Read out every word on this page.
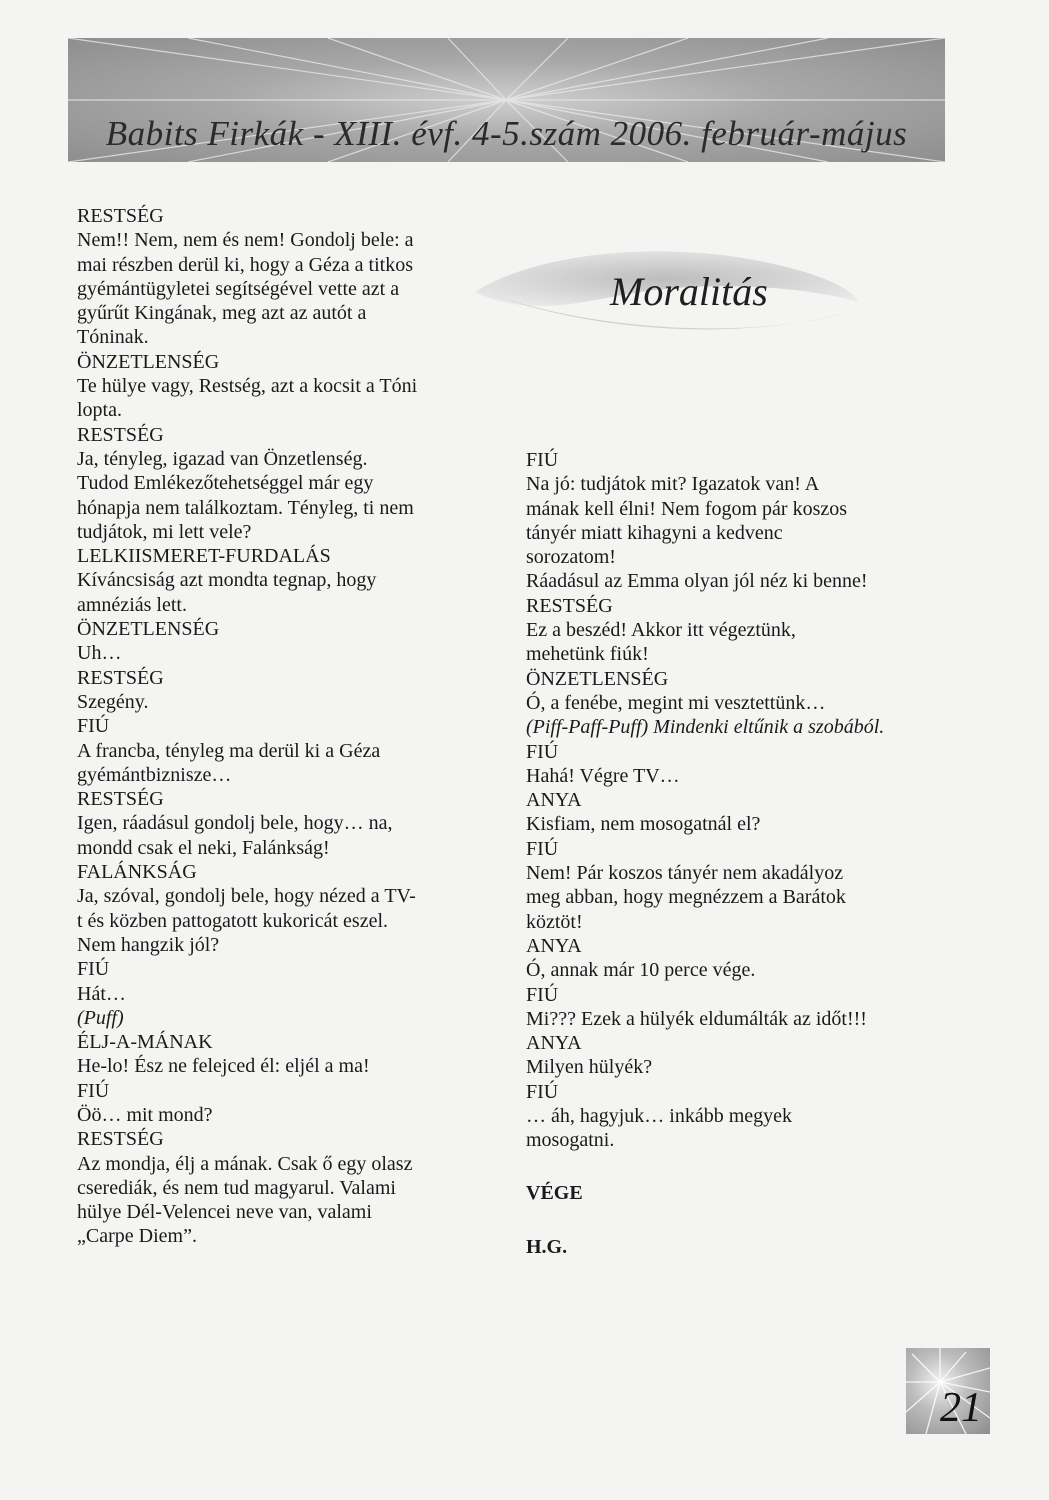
Babits Firkák - XIII. évf. 4-5.szám 2006. február-május
RESTSÉG
Nem!! Nem, nem és nem! Gondolj bele: a
mai részben derül ki, hogy a Géza a titkos
gyémántügyletei segítségével vette azt a
gyűrűt Kingának, meg azt az autót a
Tóninak.
ÖNZETLENSÉG
Te hülye vagy, Restség, azt a kocsit a Tóni
lopta.
RESTSÉG
Ja, tényleg, igazad van Önzetlenség.
Tudod Emlékezőtehetséggel már egy
hónapja nem találkoztam. Tényleg, ti nem
tudjátok, mi lett vele?
LELKIISMERET-FURDALÁS
Kíváncsiság azt mondta tegnap, hogy
amnéziás lett.
ÖNZETLENSÉG
Uh…
RESTSÉG
Szegény.
FIÚ
A francba, tényleg ma derül ki a Géza
gyémántbiznisze…
RESTSÉG
Igen, ráadásul gondolj bele, hogy… na,
mondd csak el neki, Falánkság!
FALÁNKSÁG
Ja, szóval, gondolj bele, hogy nézed a TV-
t és közben pattogatott kukoricát eszel.
Nem hangzik jól?
FIÚ
Hát…
(Puff)
ÉLJ-A-MÁNAK
He-lo! Ész ne felejced él: eljél a ma!
FIÚ
Öö… mit mond?
RESTSÉG
Az mondja, élj a mának. Csak ő egy olasz
cserediák, és nem tud magyarul. Valami
hülye Dél-Velencei neve van, valami
„Carpe Diem”.
Moralitás
FIÚ
Na jó: tudjátok mit? Igazatok van! A
mának kell élni! Nem fogom pár koszos
tányér miatt kihagyni a kedvenc
sorozatom!
Ráadásul az Emma olyan jól néz ki benne!
RESTSÉG
Ez a beszéd! Akkor itt végeztünk,
mehetünk fiúk!
ÖNZETLENSÉG
Ó, a fenébe, megint mi vesztettünk…
(Piff-Paff-Puff) Mindenki eltűnik a szobából.
FIÚ
Hahá! Végre TV…
ANYA
Kisfiam, nem mosogatnál el?
FIÚ
Nem! Pár koszos tányér nem akadályoz
meg abban, hogy megnézzem a Barátok
köztöt!
ANYA
Ó, annak már 10 perce vége.
FIÚ
Mi??? Ezek a hülyék eldumálták az időt!!!
ANYA
Milyen hülyék?
FIÚ
… áh, hagyjuk… inkább megyek
mosogatni.
VÉGE
H.G.
21
